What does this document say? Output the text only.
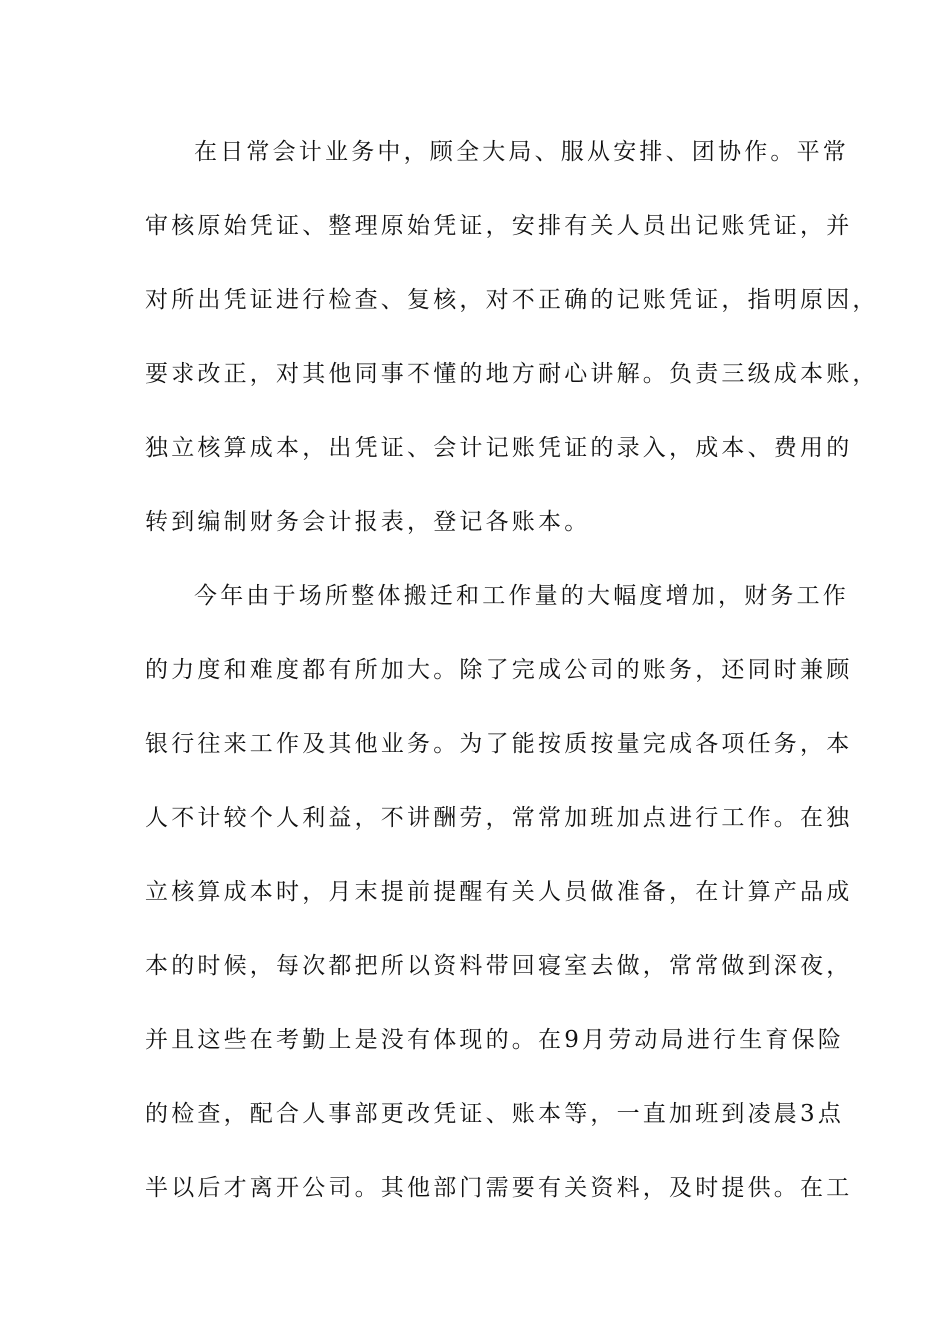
在日常会计业务中，顾全大局、服从安排、团协作。平常

审核原始凭证、整理原始凭证，安排有关人员出记账凭证，并

对所出凭证进行检查、复核，对不正确的记账凭证，指明原因，

要求改正，对其他同事不懂的地方耐心讲解。负责三级成本账，

独立核算成本，出凭证、会计记账凭证的录入，成本、费用的

转到编制财务会计报表，登记各账本。

今年由于场所整体搬迁和工作量的大幅度增加，财务工作

的力度和难度都有所加大。除了完成公司的账务，还同时兼顾

银行往来工作及其他业务。为了能按质按量完成各项任务，本

人不计较个人利益，不讲酬劳，常常加班加点进行工作。在独

立核算成本时，月末提前提醒有关人员做准备，在计算产品成

本的时候，每次都把所以资料带回寝室去做，常常做到深夜，

并且这些在考勤上是没有体现的。在9月劳动局进行生育保险

的检查，配合人事部更改凭证、账本等，一直加班到凌晨3点

半以后才离开公司。其他部门需要有关资料，及时提供。在工
